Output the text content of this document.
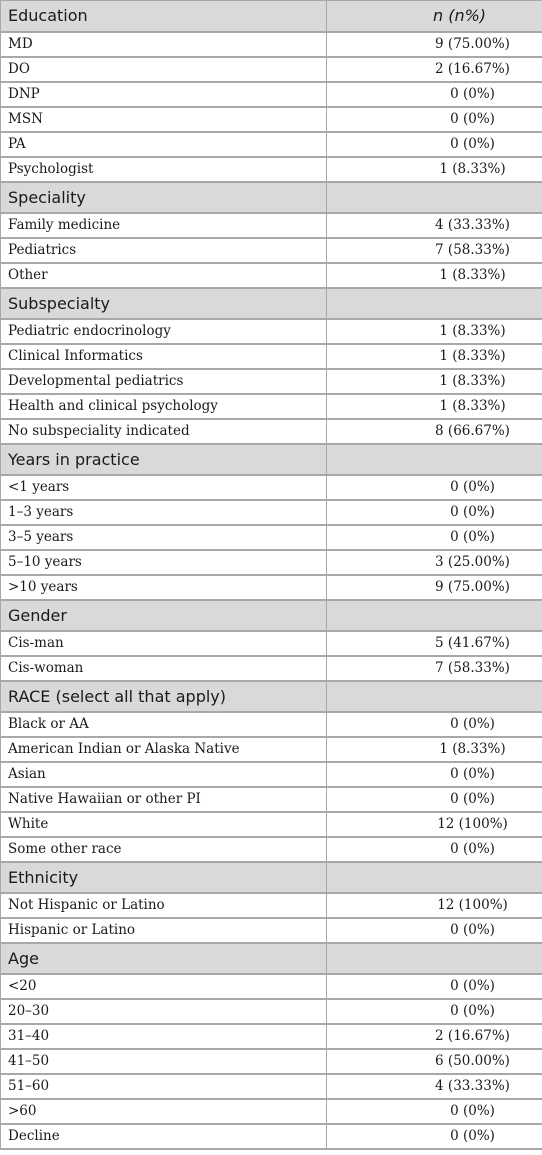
Education	n (n%)
MD	9 (75.00%)
DO	2 (16.67%)
DNP	0 (0%)
MSN	0 (0%)
PA	0 (0%)
Psychologist	1 (8.33%)
Speciality	
Family medicine	4 (33.33%)
Pediatrics	7 (58.33%)
Other	1 (8.33%)
Subspecialty	
Pediatric endocrinology	1 (8.33%)
Clinical Informatics	1 (8.33%)
Developmental pediatrics	1 (8.33%)
Health and clinical psychology	1 (8.33%)
No subspeciality indicated	8 (66.67%)
Years in practice	
<1 years	0 (0%)
1–3 years	0 (0%)
3–5 years	0 (0%)
5–10 years	3 (25.00%)
>10 years	9 (75.00%)
Gender	
Cis-man	5 (41.67%)
Cis-woman	7 (58.33%)
RACE (select all that apply)	
Black or AA	0 (0%)
American Indian or Alaska Native	1 (8.33%)
Asian	0 (0%)
Native Hawaiian or other PI	0 (0%)
White	12 (100%)
Some other race	0 (0%)
Ethnicity	
Not Hispanic or Latino	12 (100%)
Hispanic or Latino	0 (0%)
Age	
<20	0 (0%)
20–30	0 (0%)
31–40	2 (16.67%)
41–50	6 (50.00%)
51–60	4 (33.33%)
>60	0 (0%)
Decline	0 (0%)
